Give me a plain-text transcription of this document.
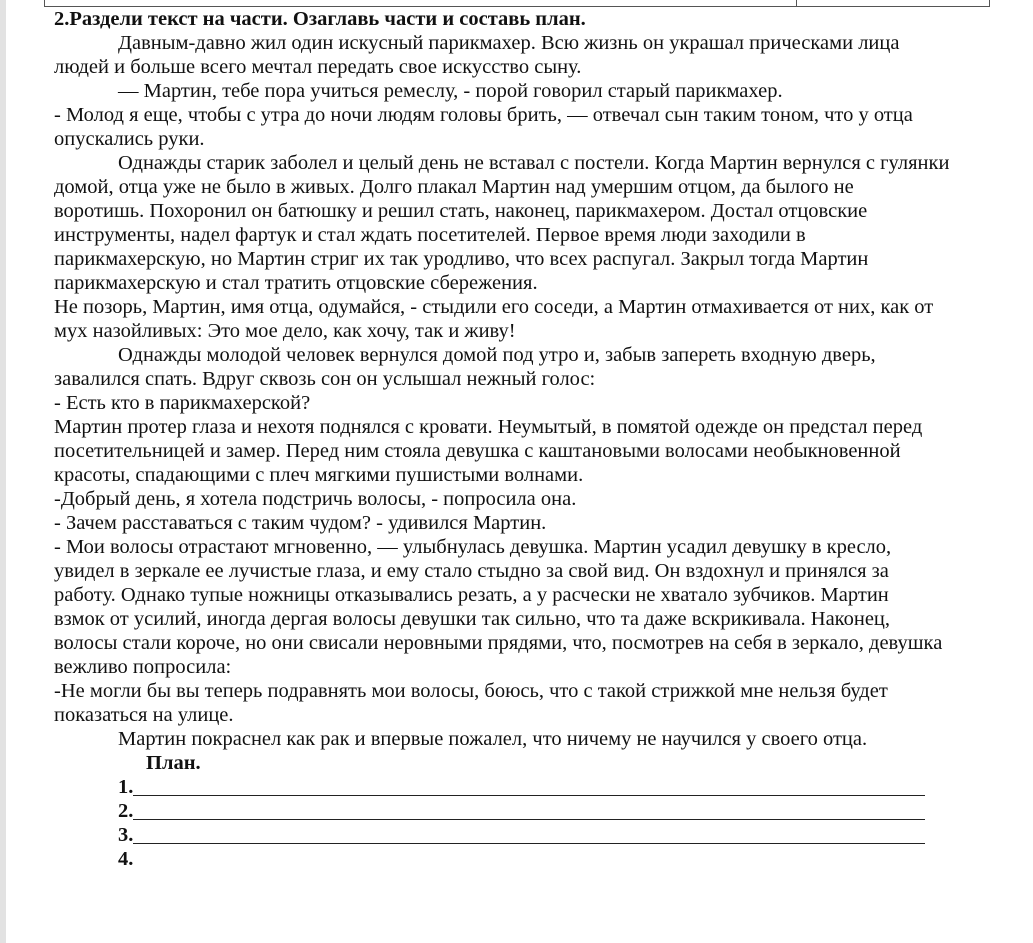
2.Раздели текст на части. Озаглавь части и составь план.
Давным-давно жил один искусный парикмахер. Всю жизнь он украшал прическами лица
людей и больше всего мечтал передать свое искусство сыну.
— Мартин, тебе пора учиться ремеслу, - порой говорил старый парикмахер.
- Молод я еще, чтобы с утра до ночи людям головы брить, — отвечал сын таким тоном, что у отца
опускались руки.
Однажды старик заболел и целый день не вставал с постели. Когда Мартин вернулся с гулянки
домой, отца уже не было в живых. Долго плакал Мартин над умершим отцом, да былого не
воротишь. Похоронил он батюшку и решил стать, наконец, парикмахером. Достал отцовские
инструменты, надел фартук и стал ждать посетителей. Первое время люди заходили в
парикмахерскую, но Мартин стриг их так уродливо, что всех распугал. Закрыл тогда Мартин
парикмахерскую и стал тратить отцовские сбережения.
Не позорь, Мартин, имя отца, одумайся, - стыдили его соседи, а Мартин отмахивается от них, как от
мух назойливых: Это мое дело, как хочу, так и живу!
Однажды молодой человек вернулся домой под утро и, забыв запереть входную дверь,
завалился спать. Вдруг сквозь сон он услышал нежный голос:
- Есть кто в парикмахерской?
Мартин протер глаза и нехотя поднялся с кровати. Неумытый, в помятой одежде он предстал перед
посетительницей и замер. Перед ним стояла девушка с каштановыми волосами необыкновенной
красоты, спадающими с плеч мягкими пушистыми волнами.
-Добрый день, я хотела подстричь волосы, - попросила она.
- Зачем расставаться с таким чудом? - удивился Мартин.
- Мои волосы отрастают мгновенно, — улыбнулась девушка. Мартин усадил девушку в кресло,
увидел в зеркале ее лучистые глаза, и ему стало стыдно за свой вид. Он вздохнул и принялся за
работу. Однако тупые ножницы отказывались резать, а у расчески не хватало зубчиков. Мартин
взмок от усилий, иногда дергая волосы девушки так сильно, что та даже вскрикивала. Наконец,
волосы стали короче, но они свисали неровными прядями, что, посмотрев на себя в зеркало, девушка
вежливо попросила:
-Не могли бы вы теперь подравнять мои волосы, боюсь, что с такой стрижкой мне нельзя будет
показаться на улице.
Мартин покраснел как рак и впервые пожалел, что ничему не научился у своего отца.
План.
1.
2.
3.
4.
